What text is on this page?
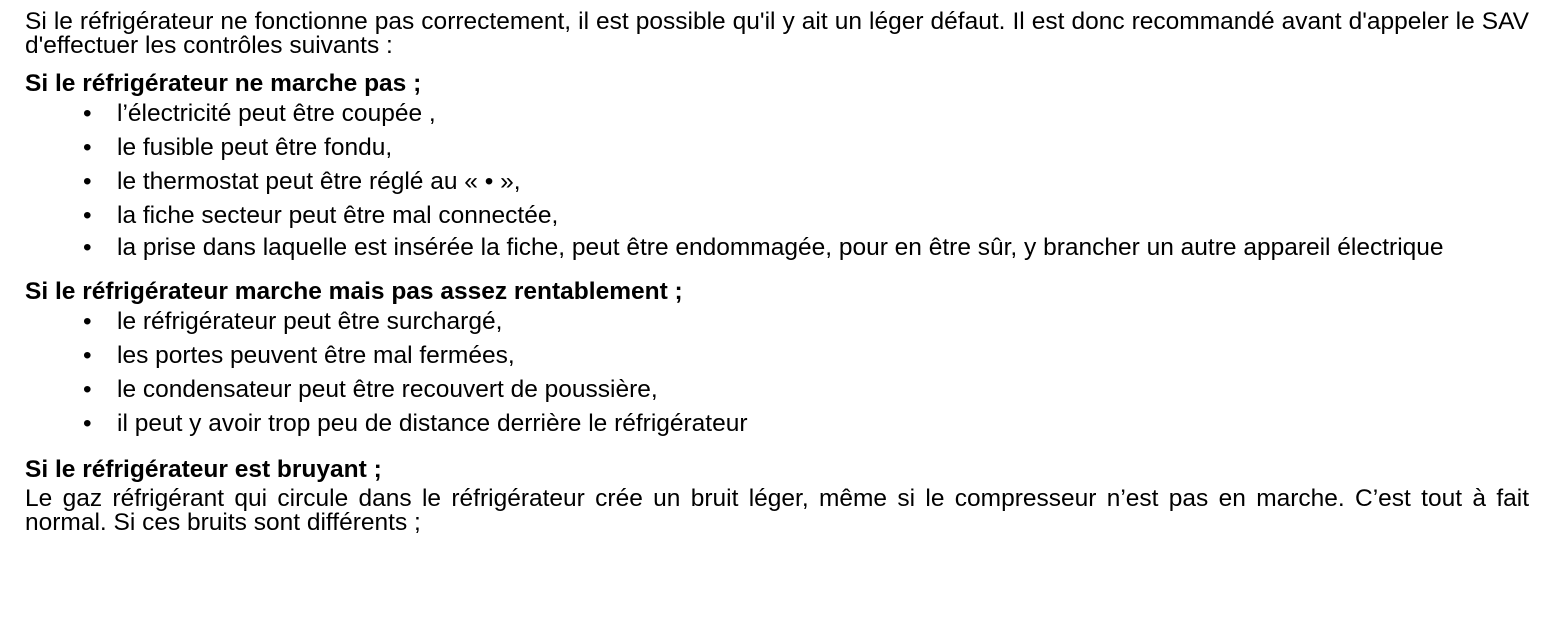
Si le réfrigérateur ne fonctionne pas correctement, il est possible qu'il y ait un léger défaut. Il est donc recommandé avant d'appeler le SAV d'effectuer les contrôles suivants :

Si le réfrigérateur ne marche pas ;

• l’électricité peut être coupée ,
• le fusible peut être fondu,
• le thermostat peut être réglé au « • »,
• la fiche secteur peut être mal connectée,
• la prise dans laquelle est insérée la fiche, peut être endommagée, pour en être sûr, y brancher un autre appareil électrique

Si le réfrigérateur marche mais pas assez rentablement ;

• le réfrigérateur peut être surchargé,
• les portes peuvent être mal fermées,
• le condensateur peut être recouvert de poussière,
• il peut y avoir trop peu de distance derrière le réfrigérateur

Si le réfrigérateur est bruyant ;

Le gaz réfrigérant qui circule dans le réfrigérateur crée un bruit léger, même si le compresseur n’est pas en marche. C’est tout à fait normal. Si ces bruits sont différents ;
